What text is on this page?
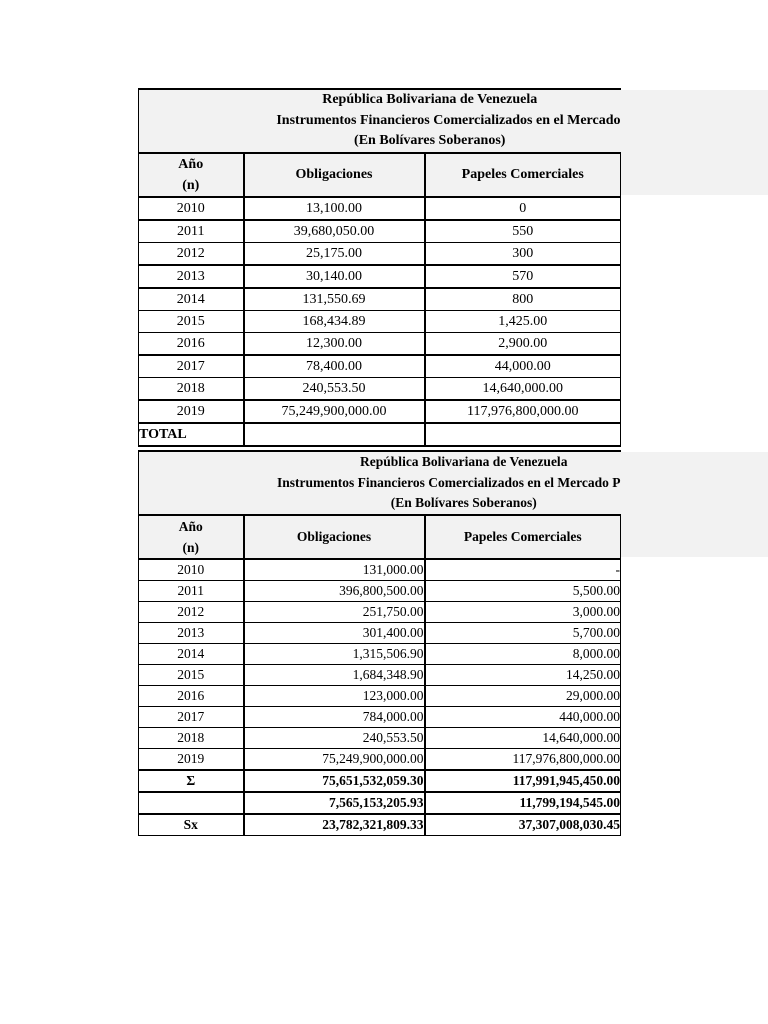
República Bolivariana de Venezuela
Instrumentos Financieros Comercializados en el Mercado
(En Bolívares Soberanos)		

Año
(n)	Obligaciones	Papeles Comerciales
2010	13,100.00	0
2011	39,680,050.00	550
2012	25,175.00	300
2013	30,140.00	570
2014	131,550.69	800
2015	168,434.89	1,425.00
2016	12,300.00	2,900.00
2017	78,400.00	44,000.00
2018	240,553.50	14,640,000.00
2019	75,249,900,000.00	117,976,800,000.00
TOTAL		
República Bolivariana de Venezuela
Instrumentos Financieros Comercializados en el Mercado P
(En Bolívares Soberanos)		

Año
(n)	Obligaciones	Papeles Comerciales
2010	131,000.00	-
2011	396,800,500.00	5,500.00
2012	251,750.00	3,000.00
2013	301,400.00	5,700.00
2014	1,315,506.90	8,000.00
2015	1,684,348.90	14,250.00
2016	123,000.00	29,000.00
2017	784,000.00	440,000.00
2018	240,553.50	14,640,000.00
2019	75,249,900,000.00	117,976,800,000.00
Σ	75,651,532,059.30	117,991,945,450.00
	7,565,153,205.93	11,799,194,545.00
Sx	23,782,321,809.33	37,307,008,030.45
